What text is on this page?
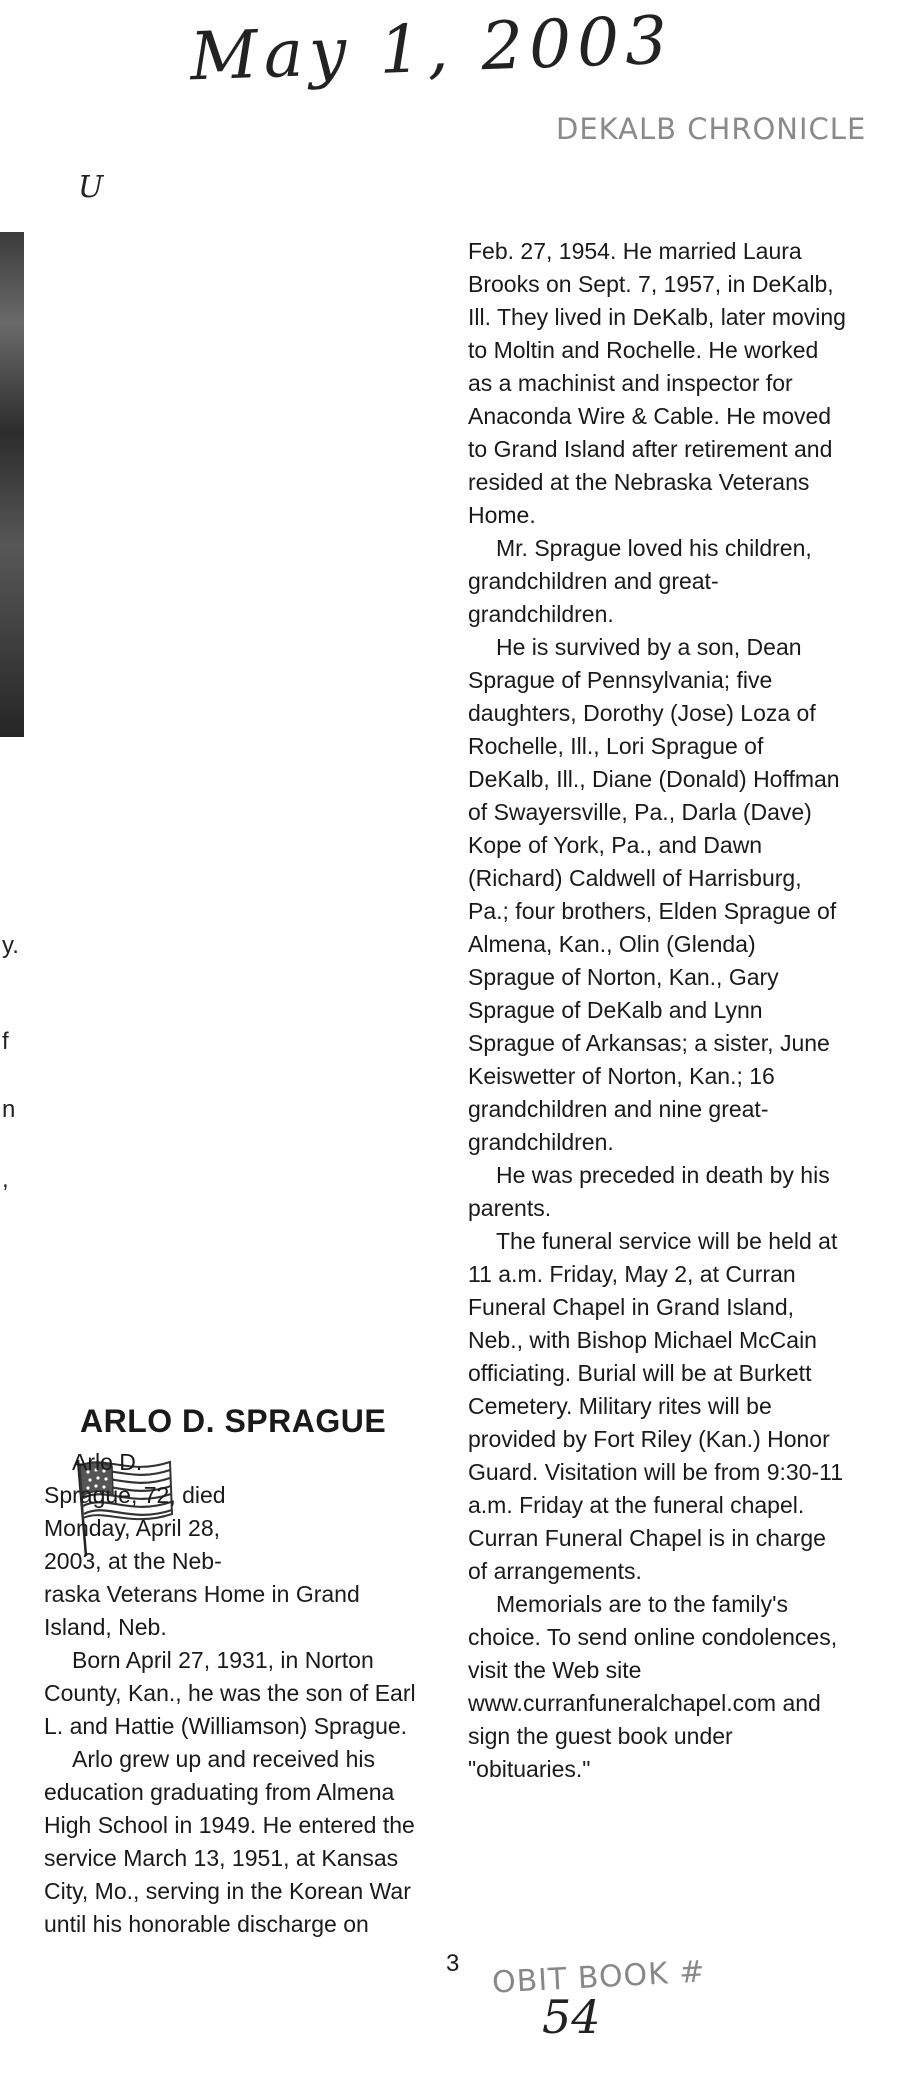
May 1, 2003
DEKALB CHRONICLE
U
y.
f
n
,

Feb. 27, 1954. He married Laura Brooks on Sept. 7, 1957, in DeKalb, Ill. They lived in DeKalb, later moving to Moltin and Rochelle. He worked as a machinist and inspector for Anaconda Wire & Cable. He moved to Grand Island after retirement and resided at the Nebraska Veterans Home.

Mr. Sprague loved his children, grandchildren and great-grandchildren.

He is survived by a son, Dean Sprague of Pennsylvania; five daughters, Dorothy (Jose) Loza of Rochelle, Ill., Lori Sprague of DeKalb, Ill., Diane (Donald) Hoffman of Swayersville, Pa., Darla (Dave) Kope of York, Pa., and Dawn (Richard) Caldwell of Harrisburg, Pa.; four brothers, Elden Sprague of Almena, Kan., Olin (Glenda) Sprague of Norton, Kan., Gary Sprague of DeKalb and Lynn Sprague of Arkansas; a sister, June Keiswetter of Norton, Kan.; 16 grandchildren and nine great-grandchildren.

He was preceded in death by his parents.

The funeral service will be held at 11 a.m. Friday, May 2, at Curran Funeral Chapel in Grand Island, Neb., with Bishop Michael McCain officiating. Burial will be at Burkett Cemetery. Military rites will be provided by Fort Riley (Kan.) Honor Guard. Visitation will be from 9:30-11 a.m. Friday at the funeral chapel. Curran Funeral Chapel is in charge of arrangements.

Memorials are to the family's choice. To send online condolences, visit the Web site www.curranfuneralchapel.com and sign the guest book under "obituaries."

ARLO D. SPRAGUE

Arlo D.

Sprague, 72, died

Monday, April 28,

2003, at the Neb-

raska Veterans Home in Grand Island, Neb.

Born April 27, 1931, in Norton County, Kan., he was the son of Earl L. and Hattie (Williamson) Sprague.

Arlo grew up and received his education graduating from Almena High School in 1949. He entered the service March 13, 1951, at Kansas City, Mo., serving in the Korean War until his honorable discharge on

3 OBIT BOOK #
54
